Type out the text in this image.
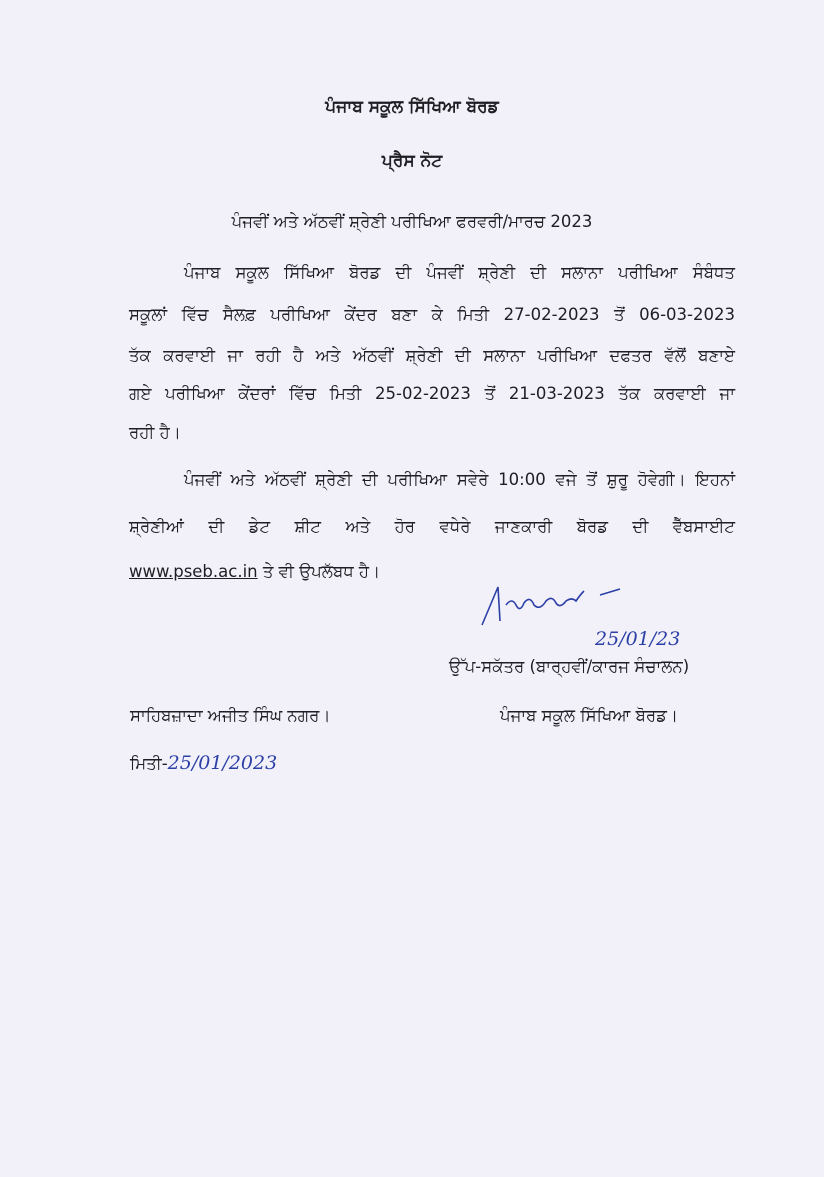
ਪੰਜਾਬ ਸਕੂਲ ਸਿੱਖਿਆ ਬੋਰਡ
ਪ੍ਰੈਸ ਨੋਟ
ਪੰਜਵੀਂ ਅਤੇ ਅੱਠਵੀਂ ਸ਼੍ਰੇਣੀ ਪਰੀਖਿਆ ਫਰਵਰੀ/ਮਾਰਚ 2023
ਪੰਜਾਬ ਸਕੂਲ ਸਿੱਖਿਆ ਬੋਰਡ ਦੀ ਪੰਜਵੀਂ ਸ਼੍ਰੇਣੀ ਦੀ ਸਲਾਨਾ ਪਰੀਖਿਆ ਸੰਬੰਧਤ
ਸਕੂਲਾਂ ਵਿੱਚ ਸੈਲਫ਼ ਪਰੀਖਿਆ ਕੇਂਦਰ ਬਣਾ ਕੇ ਮਿਤੀ 27-02-2023 ਤੋਂ 06-03-2023
ਤੱਕ ਕਰਵਾਈ ਜਾ ਰਹੀ ਹੈ ਅਤੇ ਅੱਠਵੀਂ ਸ਼੍ਰੇਣੀ ਦੀ ਸਲਾਨਾ ਪਰੀਖਿਆ ਦਫਤਰ ਵੱਲੋਂ ਬਣਾਏ
ਗਏ ਪਰੀਖਿਆ ਕੇਂਦਰਾਂ ਵਿੱਚ ਮਿਤੀ 25-02-2023 ਤੋਂ 21-03-2023 ਤੱਕ ਕਰਵਾਈ ਜਾ
ਰਹੀ ਹੈ।
ਪੰਜਵੀਂ ਅਤੇ ਅੱਠਵੀਂ ਸ਼੍ਰੇਣੀ ਦੀ ਪਰੀਖਿਆ ਸਵੇਰੇ 10:00 ਵਜੇ ਤੋਂ ਸ਼ੁਰੂ ਹੋਵੇਗੀ। ਇਹਨਾਂ
ਸ਼੍ਰੇਣੀਆਂ ਦੀ ਡੇਟ ਸ਼ੀਟ ਅਤੇ ਹੋਰ ਵਧੇਰੇ ਜਾਣਕਾਰੀ ਬੋਰਡ ਦੀ ਵੈੱਬਸਾਈਟ
www.pseb.ac.in ਤੇ ਵੀ ਉਪਲੱਬਧ ਹੈ।
25/01/23
ਉੱਪ-ਸਕੱਤਰ (ਬਾਰ੍ਹਵੀਂ/ਕਾਰਜ ਸੰਚਾਲਨ)
ਸਾਹਿਬਜ਼ਾਦਾ ਅਜੀਤ ਸਿੰਘ ਨਗਰ।	ਪੰਜਾਬ ਸਕੂਲ ਸਿੱਖਿਆ ਬੋਰਡ।
ਮਿਤੀ-25/01/2023
